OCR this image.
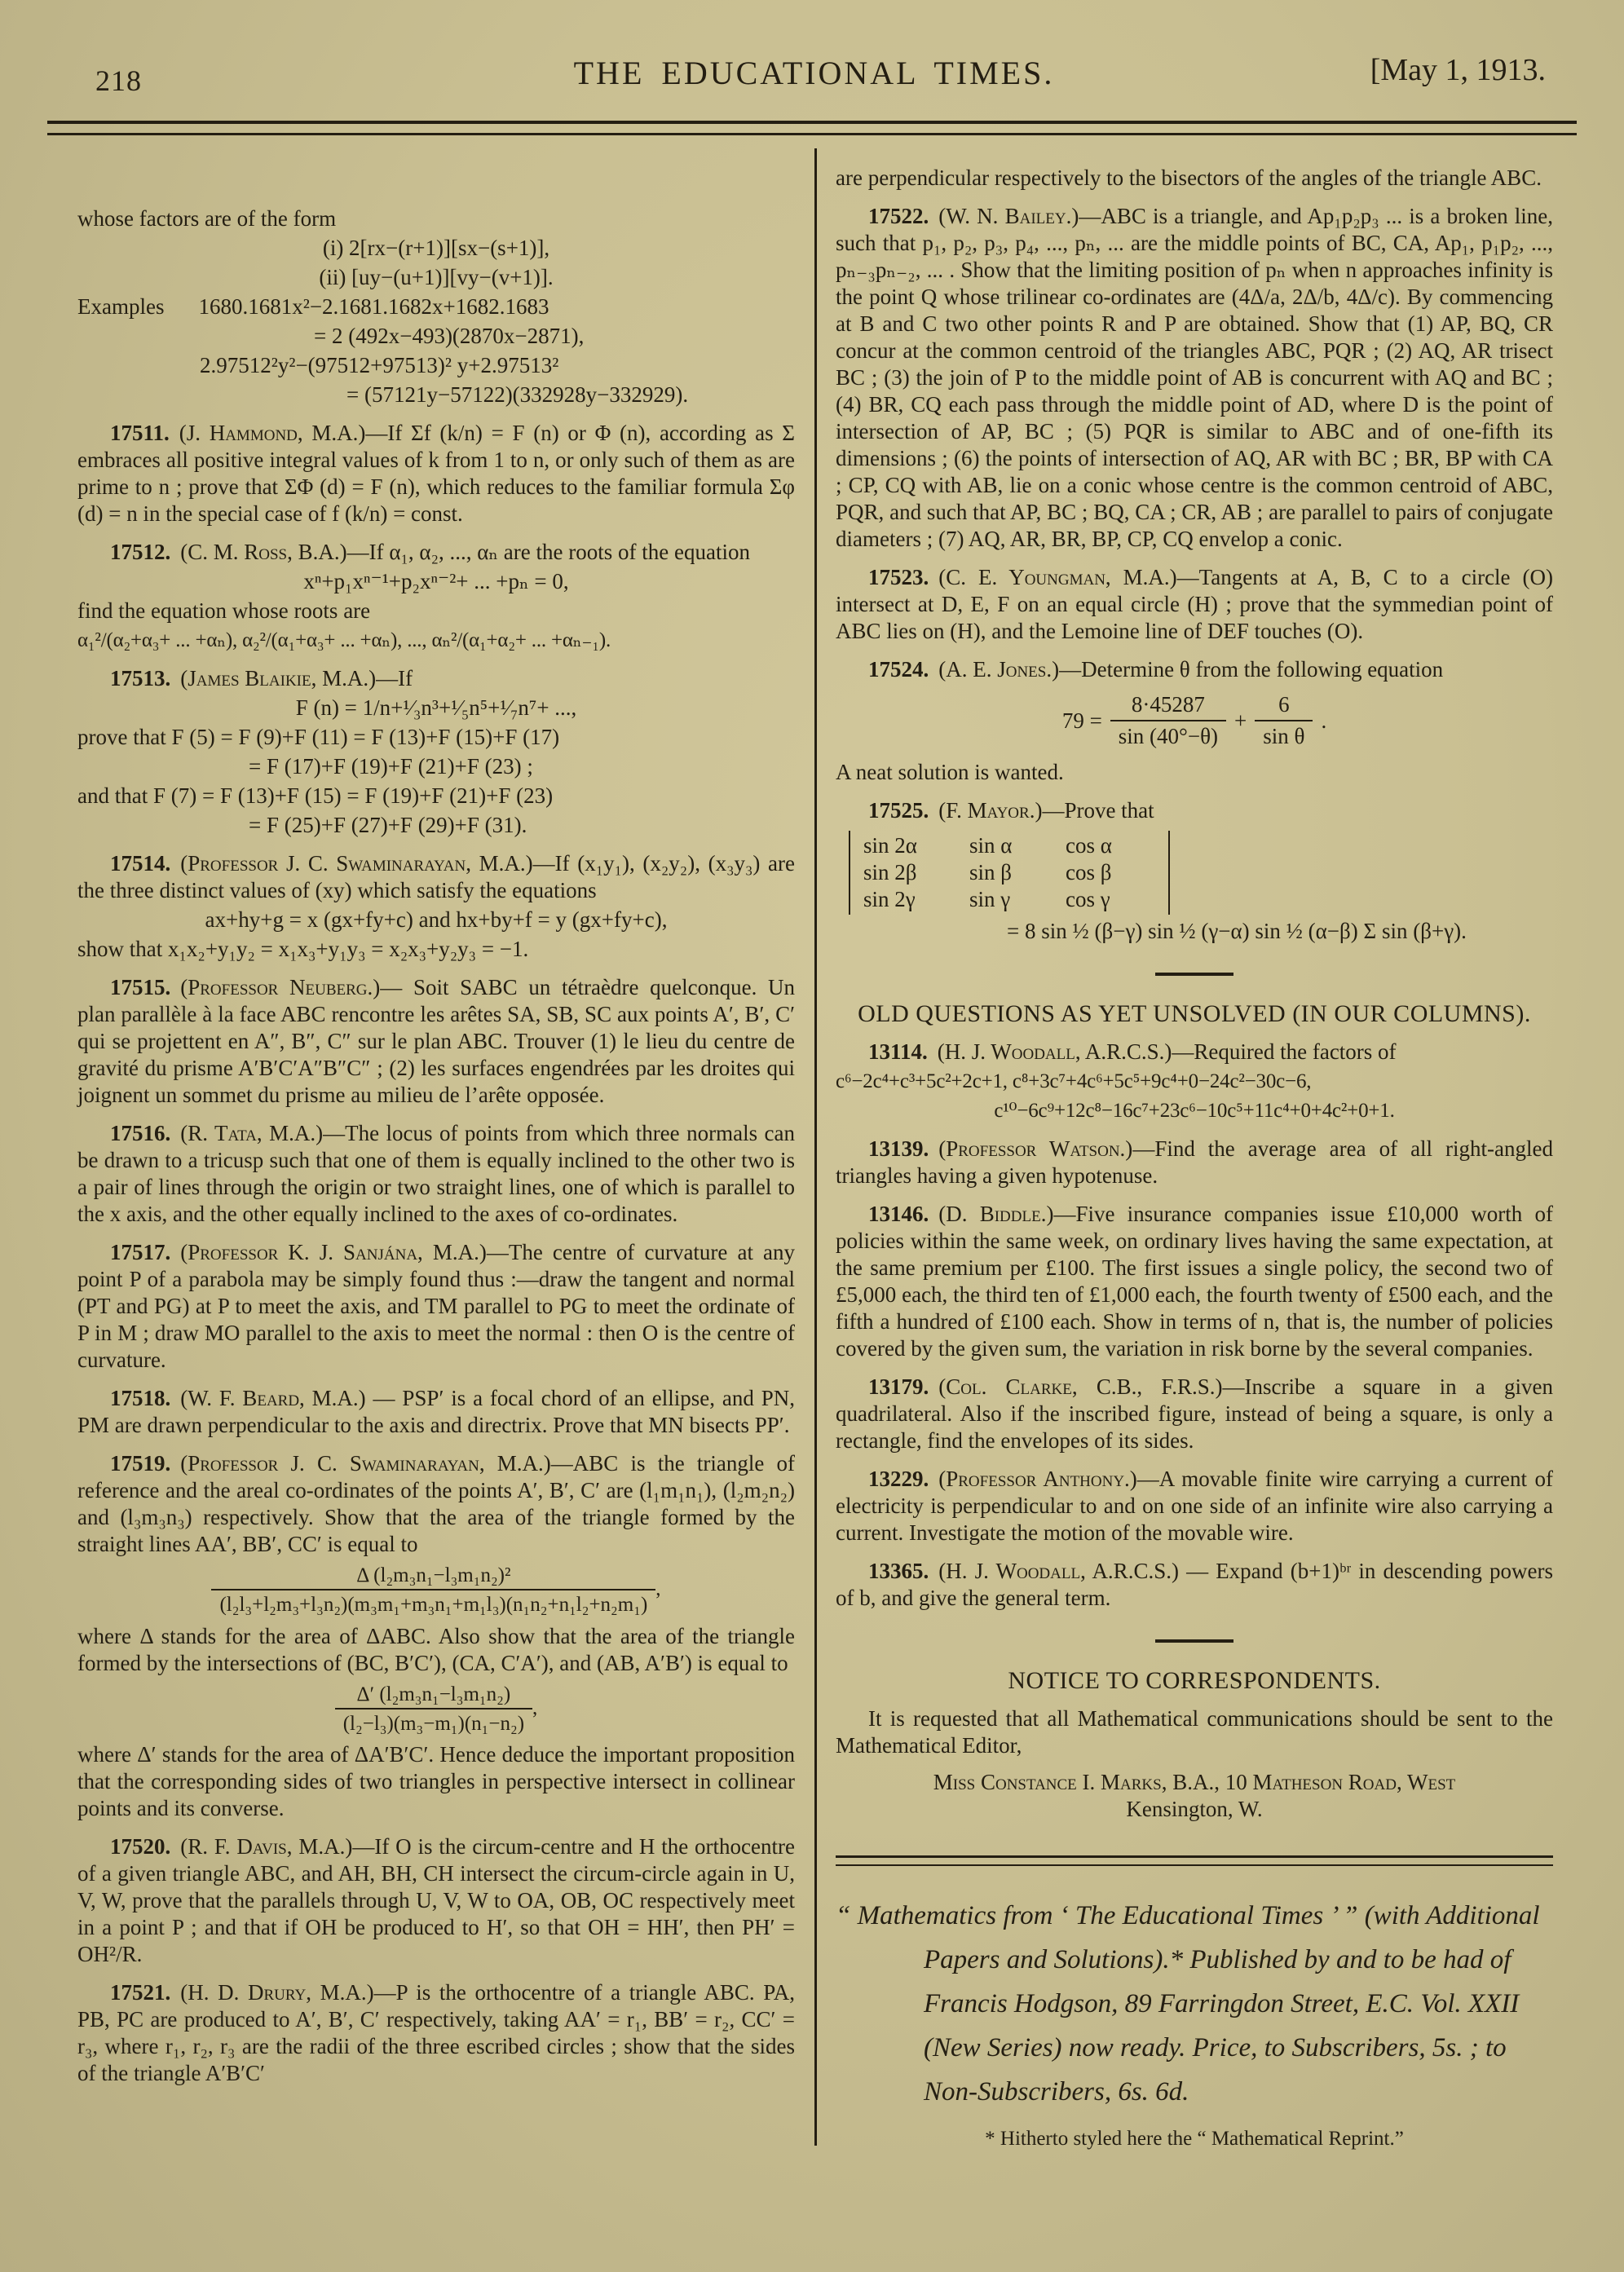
218	THE EDUCATIONAL TIMES.	[May 1, 1913.

whose factors are of the form

(i) 2[rx−(r+1)][sx−(s+1)],

(ii) [uy−(u+1)][vy−(v+1)].

Examples 1680.1681x²−2.1681.1682x+1682.1683

= 2 (492x−493)(2870x−2871),

2.97512²y²−(97512+97513)² y+2.97513²

= (57121y−57122)(332928y−332929).

17511. (J. Hammond, M.A.)—If Σf (k/n) = F (n) or Φ (n), according as Σ embraces all positive integral values of k from 1 to n, or only such of them as are prime to n ; prove that ΣΦ (d) = F (n), which reduces to the familiar formula Σφ (d) = n in the special case of f (k/n) = const.

17512. (C. M. Ross, B.A.)—If α₁, α₂, ..., αₙ are the roots of the equation

xⁿ+p₁xⁿ⁻¹+p₂xⁿ⁻²+ ... +pₙ = 0,

find the equation whose roots are

α₁²/(α₂+α₃+ ... +αₙ), α₂²/(α₁+α₃+ ... +αₙ), ..., αₙ²/(α₁+α₂+ ... +αₙ₋₁).

17513. (James Blaikie, M.A.)—If

F (n) = 1/n+¹⁄₃n³+¹⁄₅n⁵+¹⁄₇n⁷+ ...,

prove that F (5) = F (9)+F (11) = F (13)+F (15)+F (17)

= F (17)+F (19)+F (21)+F (23) ;

and that F (7) = F (13)+F (15) = F (19)+F (21)+F (23)

= F (25)+F (27)+F (29)+F (31).

17514. (Professor J. C. Swaminarayan, M.A.)—If (x₁y₁), (x₂y₂), (x₃y₃) are the three distinct values of (xy) which satisfy the equations

ax+hy+g = x (gx+fy+c) and hx+by+f = y (gx+fy+c),

show that x₁x₂+y₁y₂ = x₁x₃+y₁y₃ = x₂x₃+y₂y₃ = −1.

17515. (Professor Neuberg.)— Soit SABC un tétraèdre quelconque. Un plan parallèle à la face ABC rencontre les arêtes SA, SB, SC aux points A′, B′, C′ qui se projettent en A″, B″, C″ sur le plan ABC. Trouver (1) le lieu du centre de gravité du prisme A′B′C′A″B″C″ ; (2) les surfaces engendrées par les droites qui joignent un sommet du prisme au milieu de l’arête opposée.

17516. (R. Tata, M.A.)—The locus of points from which three normals can be drawn to a tricusp such that one of them is equally inclined to the other two is a pair of lines through the origin or two straight lines, one of which is parallel to the x axis, and the other equally inclined to the axes of co-ordinates.

17517. (Professor K. J. Sanjána, M.A.)—The centre of curvature at any point P of a parabola may be simply found thus :—draw the tangent and normal (PT and PG) at P to meet the axis, and TM parallel to PG to meet the ordinate of P in M ; draw MO parallel to the axis to meet the normal : then O is the centre of curvature.

17518. (W. F. Beard, M.A.) — PSP′ is a focal chord of an ellipse, and PN, PM are drawn perpendicular to the axis and directrix. Prove that MN bisects PP′.

17519. (Professor J. C. Swaminarayan, M.A.)—ABC is the triangle of reference and the areal co-ordinates of the points A′, B′, C′ are (l₁m₁n₁), (l₂m₂n₂) and (l₃m₃n₃) respectively. Show that the area of the triangle formed by the straight lines AA′, BB′, CC′ is equal to

$\frac{\text{Δ (l₂m₃n₁−l₃m₁n₂)²}}{\text{(l₂l₃+l₂m₃+l₃n₂)(m₃m₁+m₃n₁+m₁l₃)(n₁n₂+n₁l₂+n₂m₁)}}$ ,

where Δ stands for the area of ΔABC. Also show that the area of the triangle formed by the intersections of (BC, B′C′), (CA, C′A′), and (AB, A′B′) is equal to

$\frac{\text{Δ′ (l₂m₃n₁−l₃m₁n₂)}}{\text{(l₂−l₃)(m₃−m₁)(n₁−n₂)}}$ ,

where Δ′ stands for the area of ΔA′B′C′. Hence deduce the important proposition that the corresponding sides of two triangles in perspective intersect in collinear points and its converse.

17520. (R. F. Davis, M.A.)—If O is the circum-centre and H the orthocentre of a given triangle ABC, and AH, BH, CH intersect the circum-circle again in U, V, W, prove that the parallels through U, V, W to OA, OB, OC respectively meet in a point P ; and that if OH be produced to H′, so that OH = HH′, then PH′ = OH²/R.

17521. (H. D. Drury, M.A.)—P is the orthocentre of a triangle ABC. PA, PB, PC are produced to A′, B′, C′ respectively, taking AA′ = r₁, BB′ = r₂, CC′ = r₃, where r₁, r₂, r₃ are the radii of the three escribed circles ; show that the sides of the triangle A′B′C′

are perpendicular respectively to the bisectors of the angles of the triangle ABC.

17522. (W. N. Bailey.)—ABC is a triangle, and Ap₁p₂p₃ ... is a broken line, such that p₁, p₂, p₃, p₄, ..., pₙ, ... are the middle points of BC, CA, Ap₁, p₁p₂, ..., pₙ₋₃pₙ₋₂, ... . Show that the limiting position of pₙ when n approaches infinity is the point Q whose trilinear co-ordinates are (4Δ/a, 2Δ/b, 4Δ/c). By commencing at B and C two other points R and P are obtained. Show that (1) AP, BQ, CR concur at the common centroid of the triangles ABC, PQR ; (2) AQ, AR trisect BC ; (3) the join of P to the middle point of AB is concurrent with AQ and BC ; (4) BR, CQ each pass through the middle point of AD, where D is the point of intersection of AP, BC ; (5) PQR is similar to ABC and of one-fifth its dimensions ; (6) the points of intersection of AQ, AR with BC ; BR, BP with CA ; CP, CQ with AB, lie on a conic whose centre is the common centroid of ABC, PQR, and such that AP, BC ; BQ, CA ; CR, AB ; are parallel to pairs of conjugate diameters ; (7) AQ, AR, BR, BP, CP, CQ envelop a conic.

17523. (C. E. Youngman, M.A.)—Tangents at A, B, C to a circle (O) intersect at D, E, F on an equal circle (H) ; prove that the symmedian point of ABC lies on (H), and the Lemoine line of DEF touches (O).

17524. (A. E. Jones.)—Determine θ from the following equation

$79 = \frac{8\cdot 45287}{\sin (40^\circ-\theta)} + \frac{6}{\text{sin θ}}$ .

A neat solution is wanted.

17525. (F. Mayor.)—Prove that

sin 2α	sin α	cos α
sin 2β	sin β	cos β
sin 2γ	sin γ	cos γ

= 8 sin ½ (β−γ) sin ½ (γ−α) sin ½ (α−β) Σ sin (β+γ).

OLD QUESTIONS AS YET UNSOLVED (IN OUR COLUMNS).

13114. (H. J. Woodall, A.R.C.S.)—Required the factors of

c⁶−2c⁴+c³+5c²+2c+1, c⁸+3c⁷+4c⁶+5c⁵+9c⁴+0−24c²−30c−6,

c¹⁰−6c⁹+12c⁸−16c⁷+23c⁶−10c⁵+11c⁴+0+4c²+0+1.

13139. (Professor Watson.)—Find the average area of all right-angled triangles having a given hypotenuse.

13146. (D. Biddle.)—Five insurance companies issue £10,000 worth of policies within the same week, on ordinary lives having the same expectation, at the same premium per £100. The first issues a single policy, the second two of £5,000 each, the third ten of £1,000 each, the fourth twenty of £500 each, and the fifth a hundred of £100 each. Show in terms of n, that is, the number of policies covered by the given sum, the variation in risk borne by the several companies.

13179. (Col. Clarke, C.B., F.R.S.)—Inscribe a square in a given quadrilateral. Also if the inscribed figure, instead of being a square, is only a rectangle, find the envelopes of its sides.

13229. (Professor Anthony.)—A movable finite wire carrying a current of electricity is perpendicular to and on one side of an infinite wire also carrying a current. Investigate the motion of the movable wire.

13365. (H. J. Woodall, A.R.C.S.) — Expand (b+1)ᵇʳ in descending powers of b, and give the general term.

NOTICE TO CORRESPONDENTS.

It is requested that all Mathematical communications should be sent to the Mathematical Editor,

Miss Constance I. Marks, B.A., 10 Matheson Road, West

Kensington, W.

“ Mathematics from ‘ The Educational Times ’ ” (with Additional Papers and Solutions).* Published by and to be had of Francis Hodgson, 89 Farringdon Street, E.C. Vol. XXII (New Series) now ready. Price, to Subscribers, 5s. ; to Non-Subscribers, 6s. 6d.

* Hitherto styled here the “ Mathematical Reprint.”
